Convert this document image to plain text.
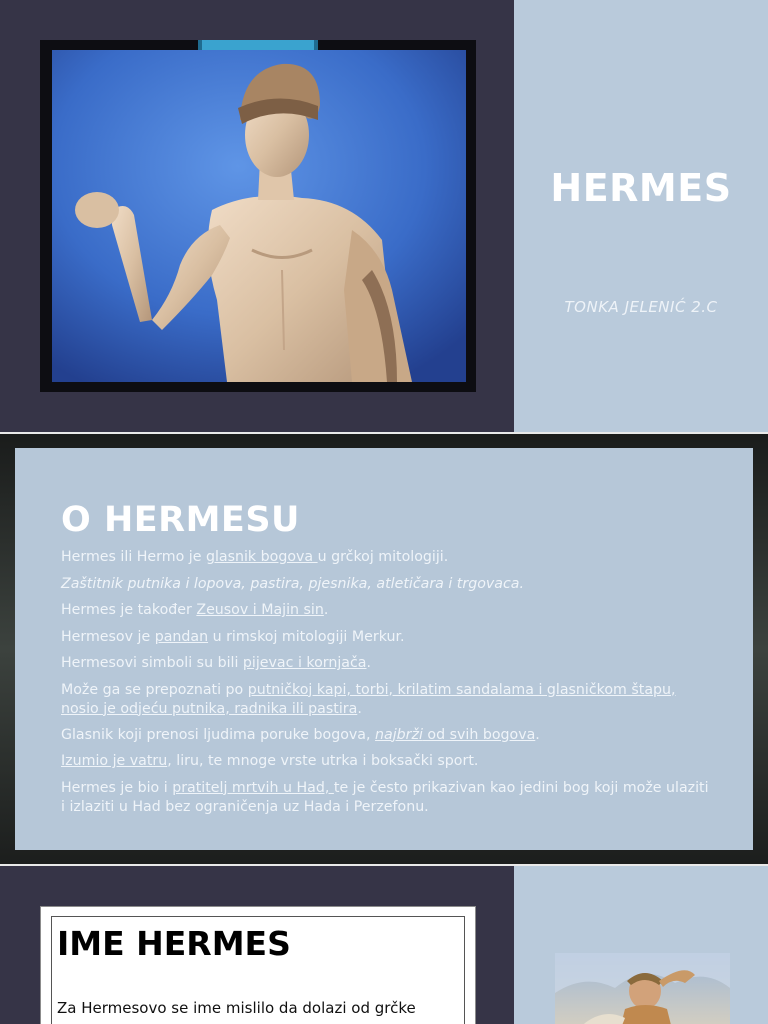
HERMES
TONKA JELENIĆ 2.C
O HERMESU
Hermes ili Hermo je glasnik bogova u grčkoj mitologiji.
Zaštitnik putnika i lopova, pastira, pjesnika, atletičara i trgovaca.
Hermes je također Zeusov i Majin sin.
Hermesov je pandan u rimskoj mitologiji Merkur.
Hermesovi simboli su bili pijevac i kornjača.
Može ga se prepoznati po putničkoj kapi, torbi, krilatim sandalama i glasničkom štapu, nosio je odjeću putnika, radnika ili pastira.
Glasnik koji prenosi ljudima poruke bogova, najbrži od svih bogova.
Izumio je vatru, liru, te mnoge vrste utrka i boksački sport.
Hermes je bio i pratitelj mrtvih u Had, te je često prikazivan kao jedini bog koji može ulaziti i izlaziti u Had bez ograničenja uz Hada i Perzefonu.
IME HERMES
Za Hermesovo se ime mislilo da dolazi od grčke
